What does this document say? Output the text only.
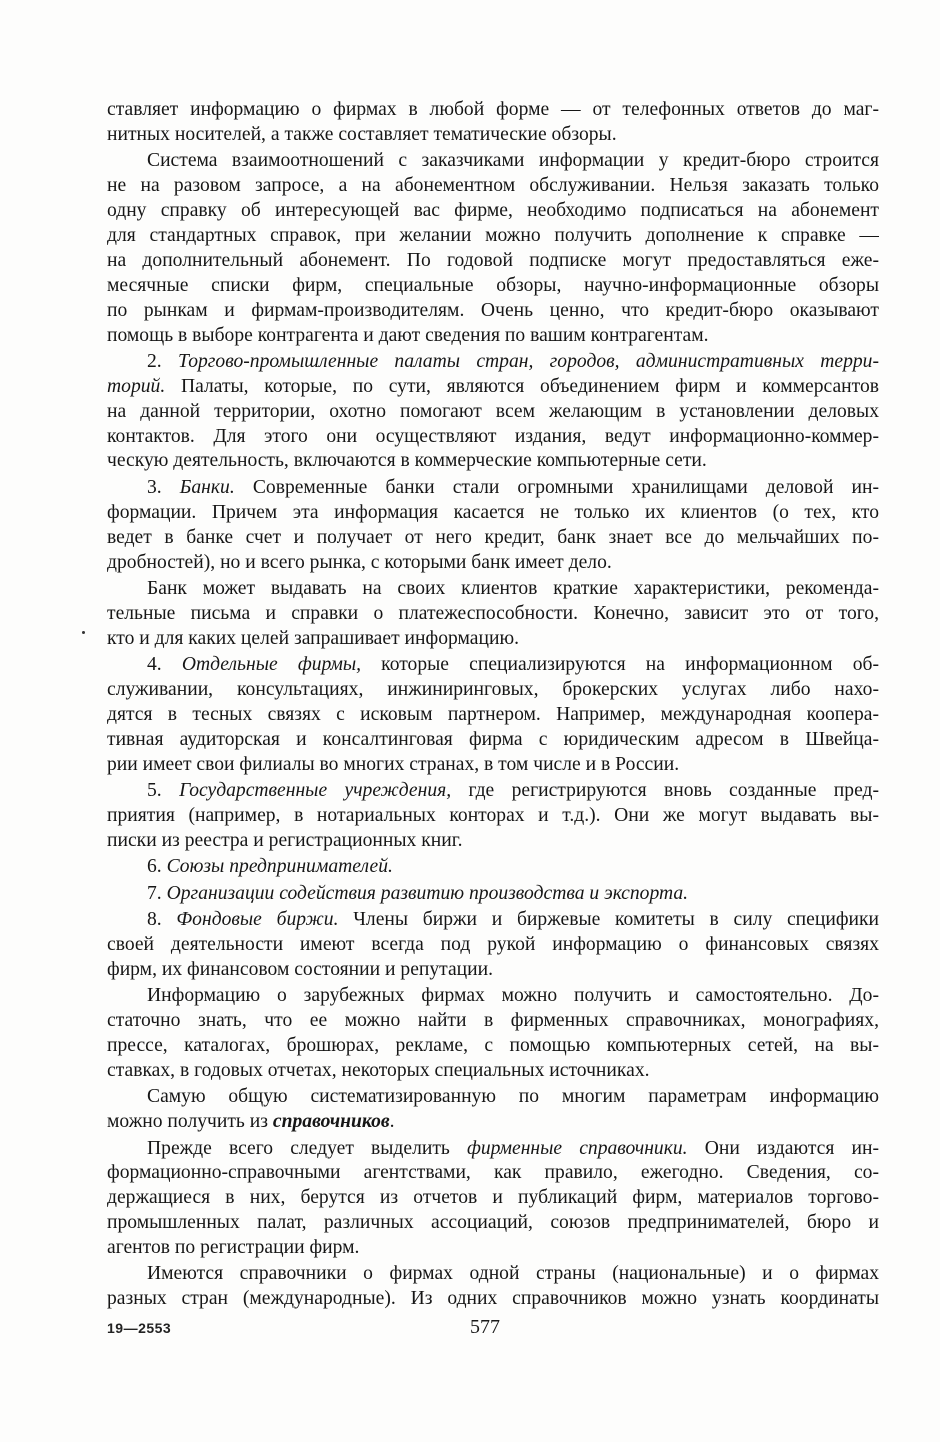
ставляет информацию о фирмах в любой форме — от телефонных ответов до маг-
нитных носителей, а также составляет тематические обзоры.
Система взаимоотношений с заказчиками информации у кредит-бюро строится
не на разовом запросе, а на абонементном обслуживании. Нельзя заказать только
одну справку об интересующей вас фирме, необходимо подписаться на абонемент
для стандартных справок, при желании можно получить дополнение к справке —
на дополнительный абонемент. По годовой подписке могут предоставляться еже-
месячные списки фирм, специальные обзоры, научно-информационные обзоры
по рынкам и фирмам-производителям. Очень ценно, что кредит-бюро оказывают
помощь в выборе контрагента и дают сведения по вашим контрагентам.
2. Торгово-промышленные палаты стран, городов, административных терри-
торий. Палаты, которые, по сути, являются объединением фирм и коммерсантов
на данной территории, охотно помогают всем желающим в установлении деловых
контактов. Для этого они осуществляют издания, ведут информационно-коммер-
ческую деятельность, включаются в коммерческие компьютерные сети.
3. Банки. Современные банки стали огромными хранилищами деловой ин-
формации. Причем эта информация касается не только их клиентов (о тех, кто
ведет в банке счет и получает от него кредит, банк знает все до мельчайших по-
дробностей), но и всего рынка, с которыми банк имеет дело.
Банк может выдавать на своих клиентов краткие характеристики, рекоменда-
тельные письма и справки о платежеспособности. Конечно, зависит это от того,
кто и для каких целей запрашивает информацию.
4. Отдельные фирмы, которые специализируются на информационном об-
служивании, консультациях, инжиниринговых, брокерских услугах либо нахо-
дятся в тесных связях с исковым партнером. Например, международная коопера-
тивная аудиторская и консалтинговая фирма с юридическим адресом в Швейца-
рии имеет свои филиалы во многих странах, в том числе и в России.
5. Государственные учреждения, где регистрируются вновь созданные пред-
приятия (например, в нотариальных конторах и т.д.). Они же могут выдавать вы-
писки из реестра и регистрационных книг.
6. Союзы предпринимателей.
7. Организации содействия развитию производства и экспорта.
8. Фондовые биржи. Члены биржи и биржевые комитеты в силу специфики
своей деятельности имеют всегда под рукой информацию о финансовых связях
фирм, их финансовом состоянии и репутации.
Информацию о зарубежных фирмах можно получить и самостоятельно. До-
статочно знать, что ее можно найти в фирменных справочниках, монографиях,
прессе, каталогах, брошюрах, рекламе, с помощью компьютерных сетей, на вы-
ставках, в годовых отчетах, некоторых специальных источниках.
Самую общую систематизированную по многим параметрам информацию
можно получить из справочников.
Прежде всего следует выделить фирменные справочники. Они издаются ин-
формационно-справочными агентствами, как правило, ежегодно. Сведения, со-
держащиеся в них, берутся из отчетов и публикаций фирм, материалов торгово-
промышленных палат, различных ассоциаций, союзов предпринимателей, бюро и
агентов по регистрации фирм.
Имеются справочники о фирмах одной страны (национальные) и о фирмах
разных стран (международные). Из одних справочников можно узнать координаты
19—2553	577
